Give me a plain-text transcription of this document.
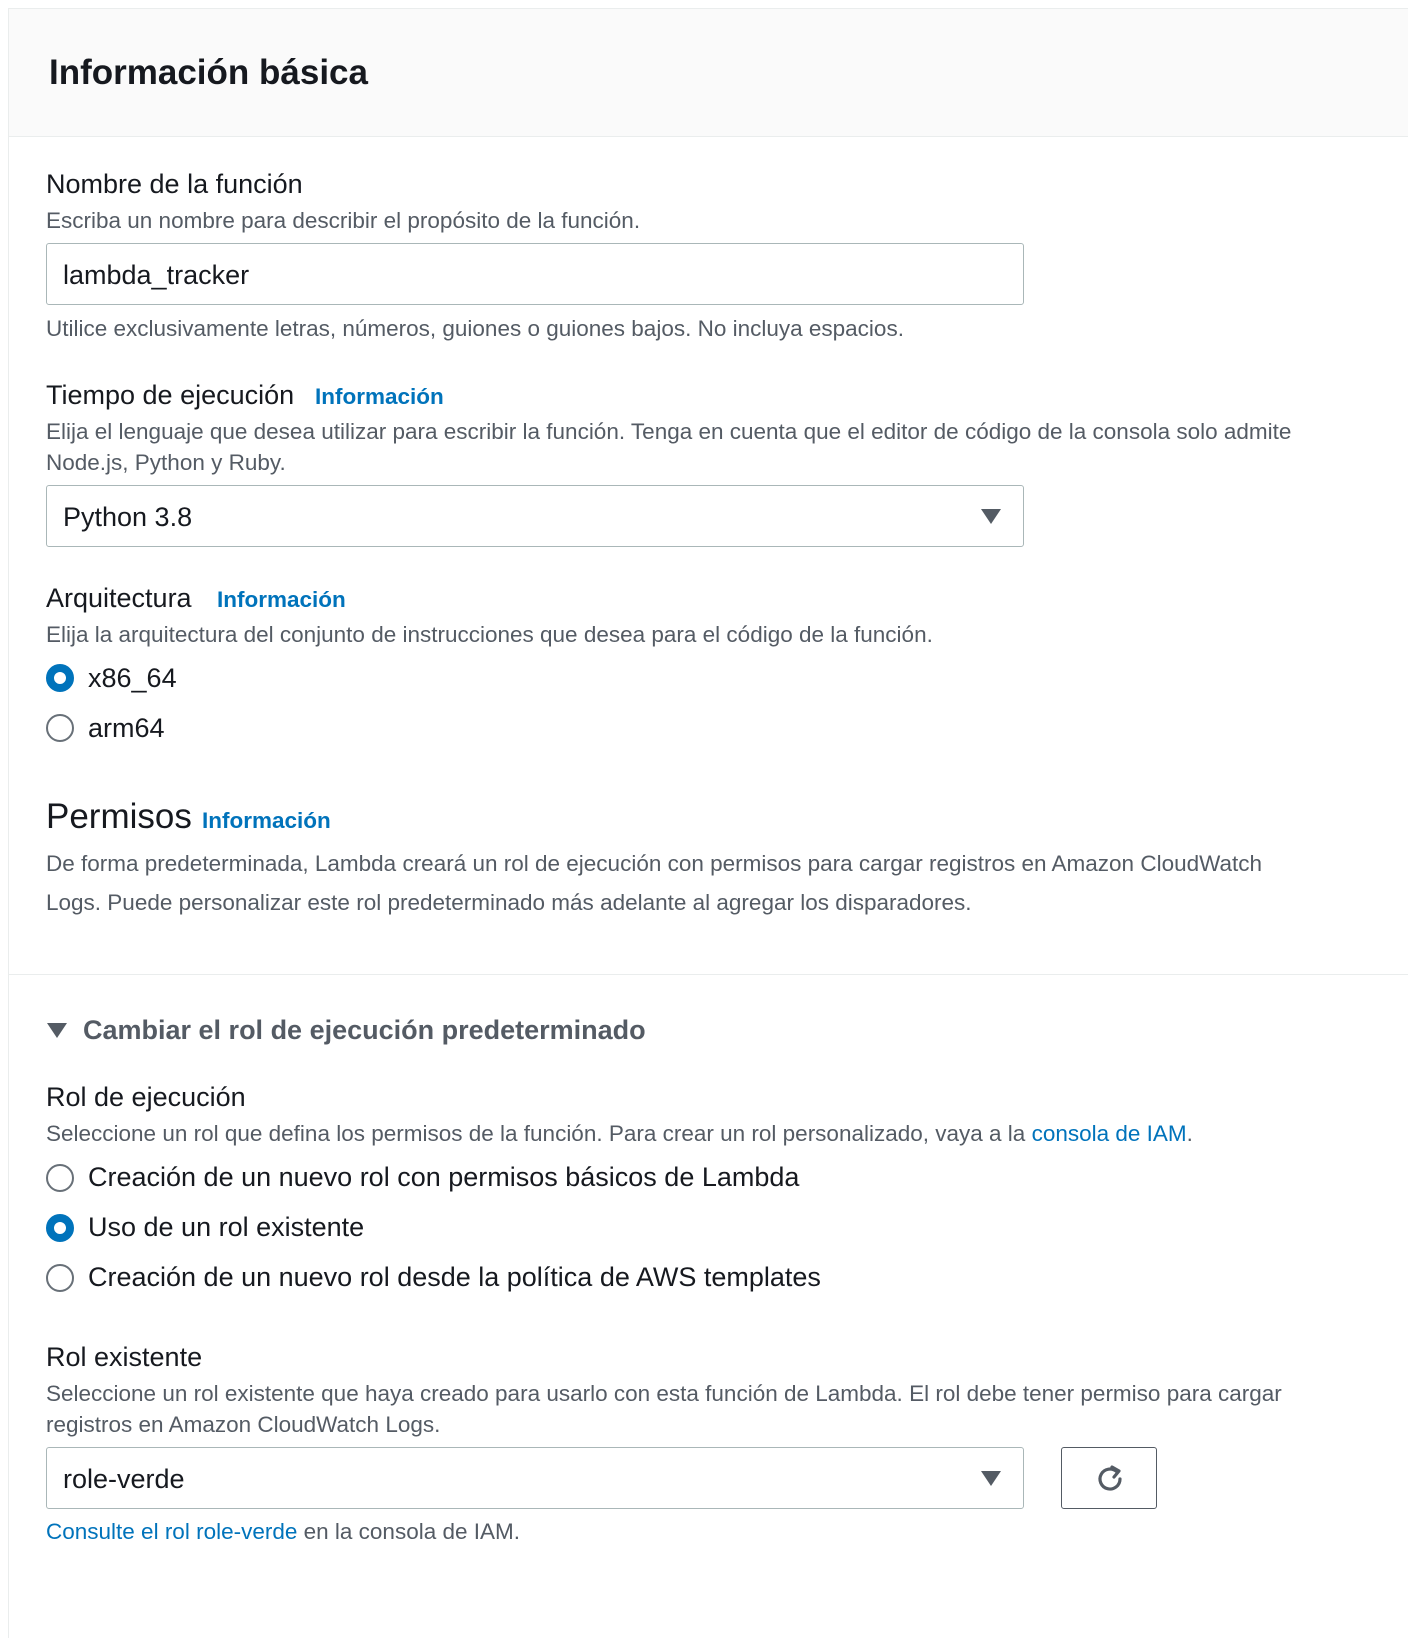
Información básica
Nombre de la función
Escriba un nombre para describir el propósito de la función.
lambda_tracker
Utilice exclusivamente letras, números, guiones o guiones bajos. No incluya espacios.
Tiempo de ejecución Información
Elija el lenguaje que desea utilizar para escribir la función. Tenga en cuenta que el editor de código de la consola solo admite
Node.js, Python y Ruby.
Python 3.8
Arquitectura Información
Elija la arquitectura del conjunto de instrucciones que desea para el código de la función.
x86_64
arm64
Permisos Información
De forma predeterminada, Lambda creará un rol de ejecución con permisos para cargar registros en Amazon CloudWatch
Logs. Puede personalizar este rol predeterminado más adelante al agregar los disparadores.
Cambiar el rol de ejecución predeterminado
Rol de ejecución
Seleccione un rol que defina los permisos de la función. Para crear un rol personalizado, vaya a la consola de IAM.
Creación de un nuevo rol con permisos básicos de Lambda
Uso de un rol existente
Creación de un nuevo rol desde la política de AWS templates
Rol existente
Seleccione un rol existente que haya creado para usarlo con esta función de Lambda. El rol debe tener permiso para cargar
registros en Amazon CloudWatch Logs.
role-verde
Consulte el rol role-verde en la consola de IAM.
